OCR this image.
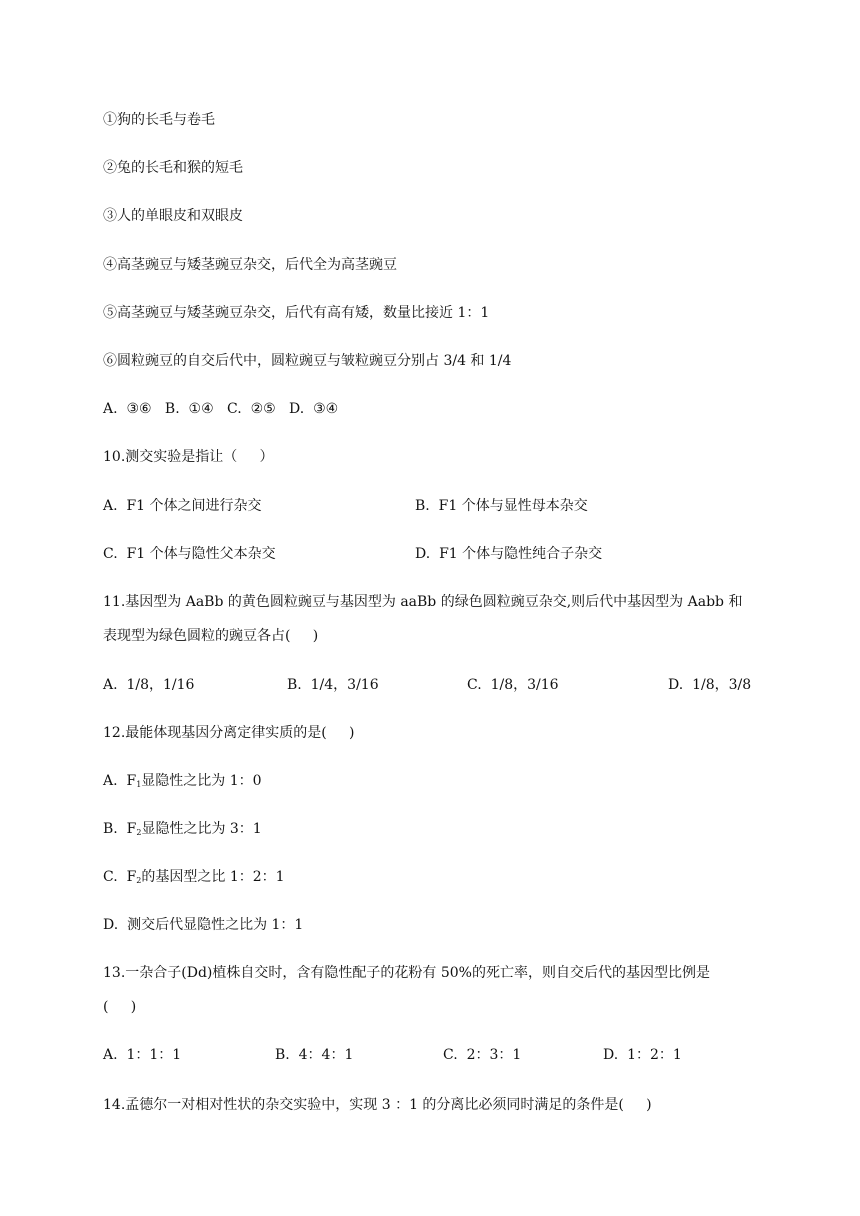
①狗的长毛与卷毛
②兔的长毛和猴的短毛
③人的单眼皮和双眼皮
④高茎豌豆与矮茎豌豆杂交，后代全为高茎豌豆
⑤高茎豌豆与矮茎豌豆杂交，后代有高有矮，数量比接近 1：1
⑥圆粒豌豆的自交后代中，圆粒豌豆与皱粒豌豆分别占 3/4 和 1/4
A.  ③⑥   B.  ①④   C.  ②⑤   D.  ③④
10.测交实验是指让（     ）
A.  F1 个体之间进行杂交	B.  F1 个体与显性母本杂交
C.  F1 个体与隐性父本杂交	D.  F1 个体与隐性纯合子杂交
11.基因型为 AaBb 的黄色圆粒豌豆与基因型为 aaBb 的绿色圆粒豌豆杂交,则后代中基因型为 Aabb 和
表现型为绿色圆粒的豌豆各占(     )
A.  1/8，1/16	B.  1/4，3/16	C.  1/8，3/16	D.  1/8，3/8
12.最能体现基因分离定律实质的是(     )
A.  $F_1$显隐性之比为 1：0
B.  $F_2$显隐性之比为 3：1
C.  $F_2$的基因型之比 1：2：1
D.  测交后代显隐性之比为 1：1
13.一杂合子(Dd)植株自交时，含有隐性配子的花粉有 50%的死亡率，则自交后代的基因型比例是
(     )
A.  1：1：1	B.  4：4：1	C.  2：3：1	D.  1：2：1
14.孟德尔一对相对性状的杂交实验中，实现 3 ：1 的分离比必须同时满足的条件是(     )
